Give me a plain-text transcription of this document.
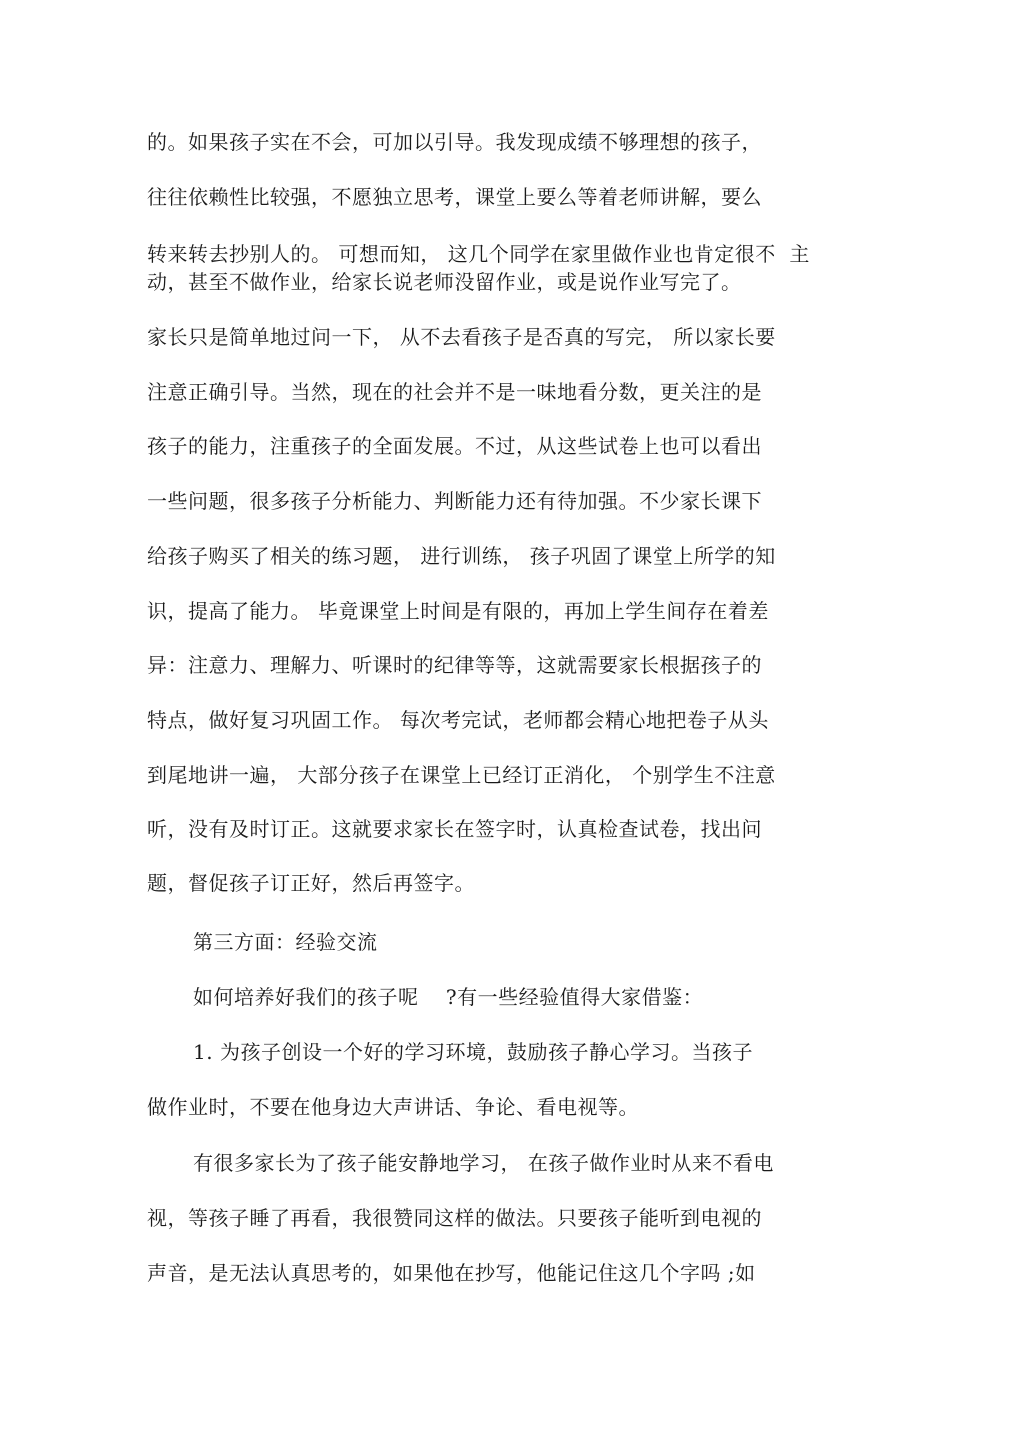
的。如果孩子实在不会，可加以引导。我发现成绩不够理想的孩子，
往往依赖性比较强，不愿独立思考，课堂上要么等着老师讲解，要么
转来转去抄别人的。 可想而知， 这几个同学在家里做作业也肯定很不  主
动，甚至不做作业，给家长说老师没留作业，或是说作业写完了。
家长只是简单地过问一下， 从不去看孩子是否真的写完， 所以家长要
注意正确引导。当然，现在的社会并不是一味地看分数，更关注的是
孩子的能力，注重孩子的全面发展。不过，从这些试卷上也可以看出
一些问题，很多孩子分析能力、判断能力还有待加强。不少家长课下
给孩子购买了相关的练习题， 进行训练， 孩子巩固了课堂上所学的知
识，提高了能力。 毕竟课堂上时间是有限的，再加上学生间存在着差
异：注意力、理解力、听课时的纪律等等，这就需要家长根据孩子的
特点，做好复习巩固工作。 每次考完试，老师都会精心地把卷子从头
到尾地讲一遍， 大部分孩子在课堂上已经订正消化， 个别学生不注意
听，没有及时订正。这就要求家长在签字时，认真检查试卷，找出问
题，督促孩子订正好，然后再签字。
第三方面：经验交流
如何培养好我们的孩子呢    ?有一些经验值得大家借鉴：
1. 为孩子创设一个好的学习环境，鼓励孩子静心学习。当孩子
做作业时，不要在他身边大声讲话、争论、看电视等。
有很多家长为了孩子能安静地学习， 在孩子做作业时从来不看电
视，等孩子睡了再看，我很赞同这样的做法。只要孩子能听到电视的
声音，是无法认真思考的，如果他在抄写，他能记住这几个字吗 ;如
